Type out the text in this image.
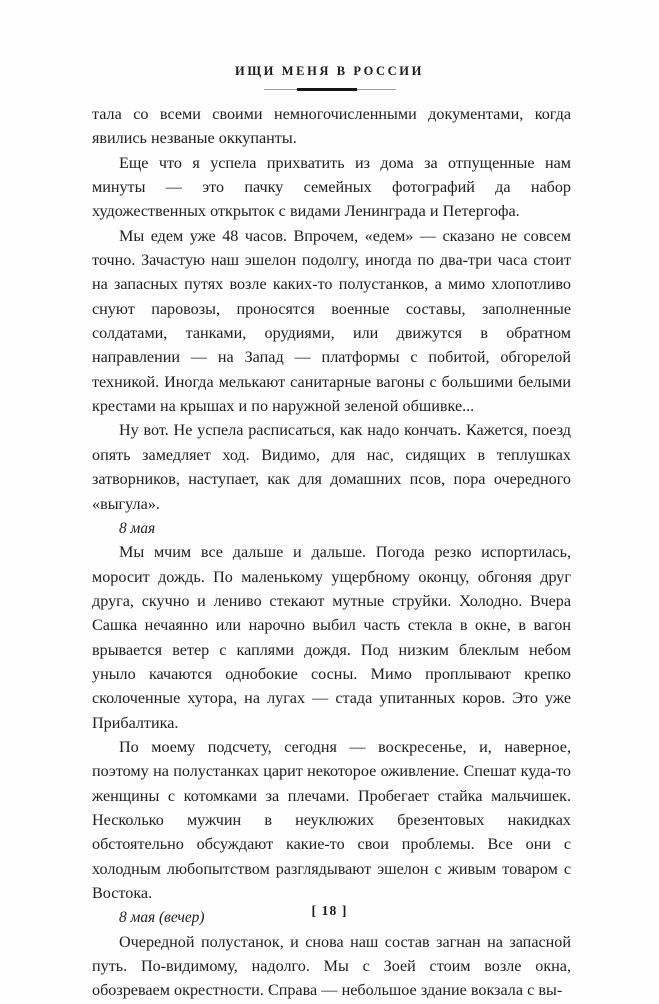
ИЩИ МЕНЯ В РОССИИ

тала со всеми своими немногочисленными документами, когда явились незваные оккупанты.

Еще что я успела прихватить из дома за отпущенные нам минуты — это пачку семейных фотографий да набор художественных открыток с видами Ленинграда и Петергофа.

Мы едем уже 48 часов. Впрочем, «едем» — сказано не совсем точно. Зачастую наш эшелон подолгу, иногда по два-три часа стоит на запасных путях возле каких-то полустанков, а мимо хлопотливо снуют паровозы, проносятся военные составы, заполненные солдатами, танками, орудиями, или движутся в обратном направлении — на Запад — платформы с побитой, обгорелой техникой. Иногда мелькают санитарные вагоны с большими белыми крестами на крышах и по наружной зеленой обшивке...

Ну вот. Не успела расписаться, как надо кончать. Кажется, поезд опять замедляет ход. Видимо, для нас, сидящих в теплушках затворников, наступает, как для домашних псов, пора очередного «выгула».

8 мая

Мы мчим все дальше и дальше. Погода резко испортилась, моросит дождь. По маленькому ущербному оконцу, обгоняя друг друга, скучно и лениво стекают мутные струйки. Холодно. Вчера Сашка нечаянно или нарочно выбил часть стекла в окне, в вагон врывается ветер с каплями дождя. Под низким блеклым небом уныло качаются однобокие сосны. Мимо проплывают крепко сколоченные хутора, на лугах — стада упитанных коров. Это уже Прибалтика.

По моему подсчету, сегодня — воскресенье, и, наверное, поэтому на полустанках царит некоторое оживление. Спешат куда-то женщины с котомками за плечами. Пробегает стайка мальчишек. Несколько мужчин в неуклюжих брезентовых накидках обстоятельно обсуждают какие-то свои проблемы. Все они с холодным любопытством разглядывают эшелон с живым товаром с Востока.

8 мая (вечер)

Очередной полустанок, и снова наш состав загнан на запасной путь. По-видимому, надолго. Мы с Зоей стоим возле окна, обозреваем окрестности. Справа — небольшое здание вокзала с вы-

[ 18 ]
